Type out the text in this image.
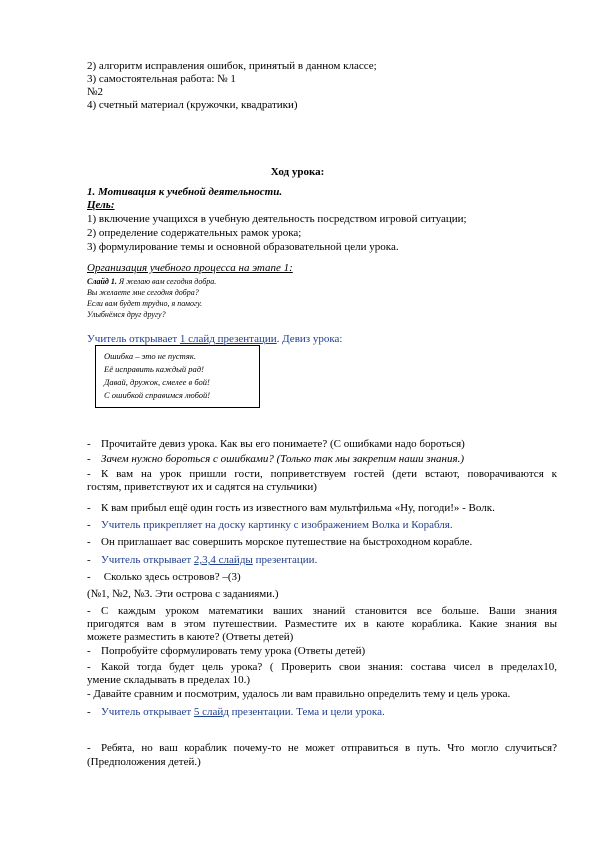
2) алгоритм исправления ошибок, принятый в данном классе;
3) самостоятельная работа: № 1
№2
4) счетный материал (кружочки, квадратики)
Ход урока:
1. Мотивация к учебной деятельности.
Цель:
1) включение учащихся в учебную деятельность посредством игровой ситуации;
2) определение содержательных рамок урока;
3) формулирование темы и основной образовательной цели урока.
Организация учебного процесса на этапе 1:
Слайд 1. Я желаю вам сегодня добра.
Вы желаете мне сегодня добра?
Если вам будет трудно, я помогу.
Улыбнёмся друг другу?
Учитель открывает 1 слайд презентации. Девиз урока:
Ошибка – это не пустяк.
Её исправить каждый рад!
Давай, дружок, смелее в бой!
С ошибкой справимся любой!
- Прочитайте девиз урока. Как вы его понимаете? (С ошибками надо бороться)
- Зачем нужно бороться с ошибками? (Только так мы закрепим наши знания.)
- К вам на урок пришли гости, поприветствуем гостей (дети встают, поворачиваются к
гостям, приветствуют их и садятся на стульчики)
- К вам прибыл ещё один гость из известного вам мультфильма «Ну, погоди!» - Волк.
- Учитель прикрепляет на доску картинку с изображением Волка и Корабля.
- Он приглашает вас совершить морское путешествие на быстроходном корабле.
- Учитель открывает 2,3,4 слайды презентации.
- Сколько здесь островов? –(3)
(№1, №2, №3. Эти острова с заданиями.)
- С каждым уроком математики ваших знаний становится все больше. Ваши знания
пригодятся вам в этом путешествии. Разместите их в каюте кораблика. Какие знания вы
можете разместить в каюте? (Ответы детей)
- Попробуйте сформулировать тему урока (Ответы детей)
- Какой тогда будет цель урока? ( Проверить свои знания: состава чисел в пределах10,
умение складывать в пределах 10.)
- Давайте сравним и посмотрим, удалось ли вам правильно определить тему и цель урока.
- Учитель открывает 5 слайд презентации. Тема и цели урока.
- Ребята, но ваш кораблик почему-то не может отправиться в путь. Что могло случиться?
(Предположения детей.)
